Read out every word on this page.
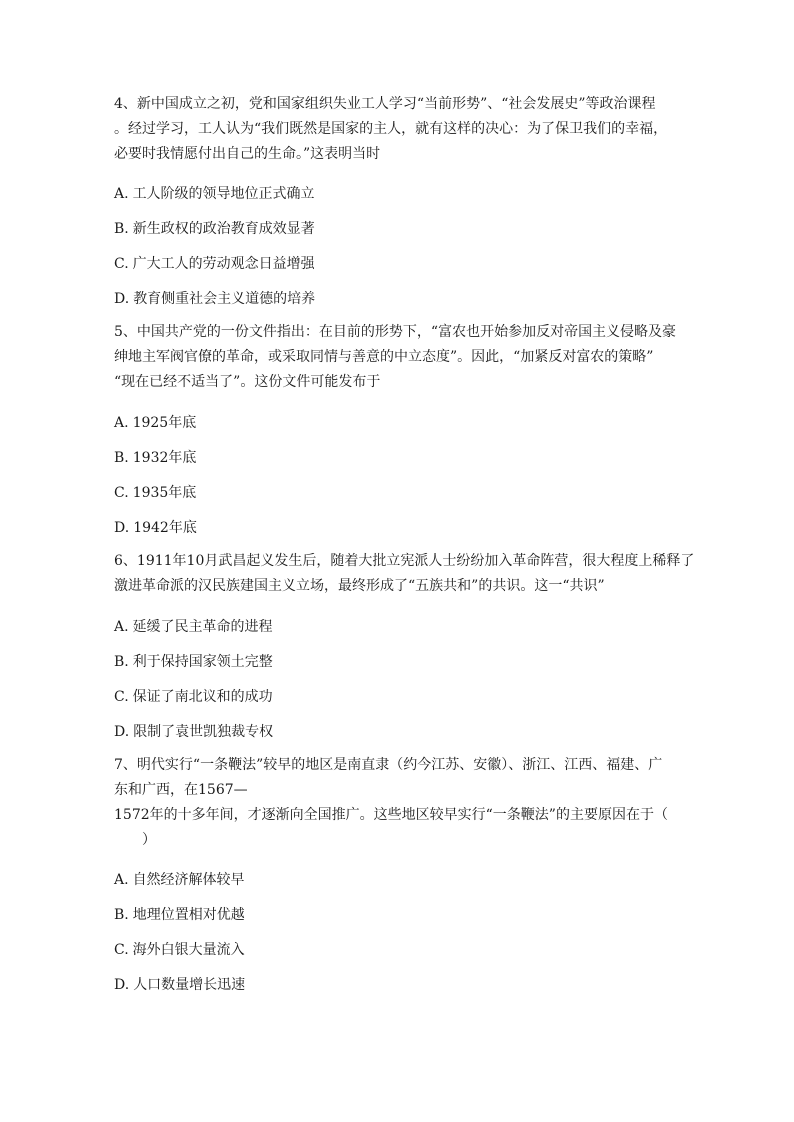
4、新中国成立之初，党和国家组织失业工人学习“当前形势”、“社会发展史”等政治课程
。经过学习，工人认为“我们既然是国家的主人，就有这样的决心：为了保卫我们的幸福，
必要时我情愿付出自己的生命。”这表明当时

A. 工人阶级的领导地位正式确立

B. 新生政权的政治教育成效显著

C. 广大工人的劳动观念日益增强

D. 教育侧重社会主义道德的培养

5、中国共产党的一份文件指出：在目前的形势下，“富农也开始参加反对帝国主义侵略及豪
绅地主军阀官僚的革命，或采取同情与善意的中立态度”。因此，“加紧反对富农的策略”
“现在已经不适当了”。这份文件可能发布于

A. 1925年底

B. 1932年底

C. 1935年底

D. 1942年底

6、1911年10月武昌起义发生后，随着大批立宪派人士纷纷加入革命阵营，很大程度上稀释了
激进革命派的汉民族建国主义立场，最终形成了“五族共和”的共识。这一“共识”

A. 延缓了民主革命的进程

B. 利于保持国家领土完整

C. 保证了南北议和的成功

D. 限制了袁世凯独裁专权

7、明代实行“一条鞭法”较早的地区是南直隶（约今江苏、安徽）、浙江、江西、福建、广
东和广西，在1567—
1572年的十多年间，才逐渐向全国推广。这些地区较早实行“一条鞭法”的主要原因在于（
　　）

A. 自然经济解体较早

B. 地理位置相对优越

C. 海外白银大量流入

D. 人口数量增长迅速
